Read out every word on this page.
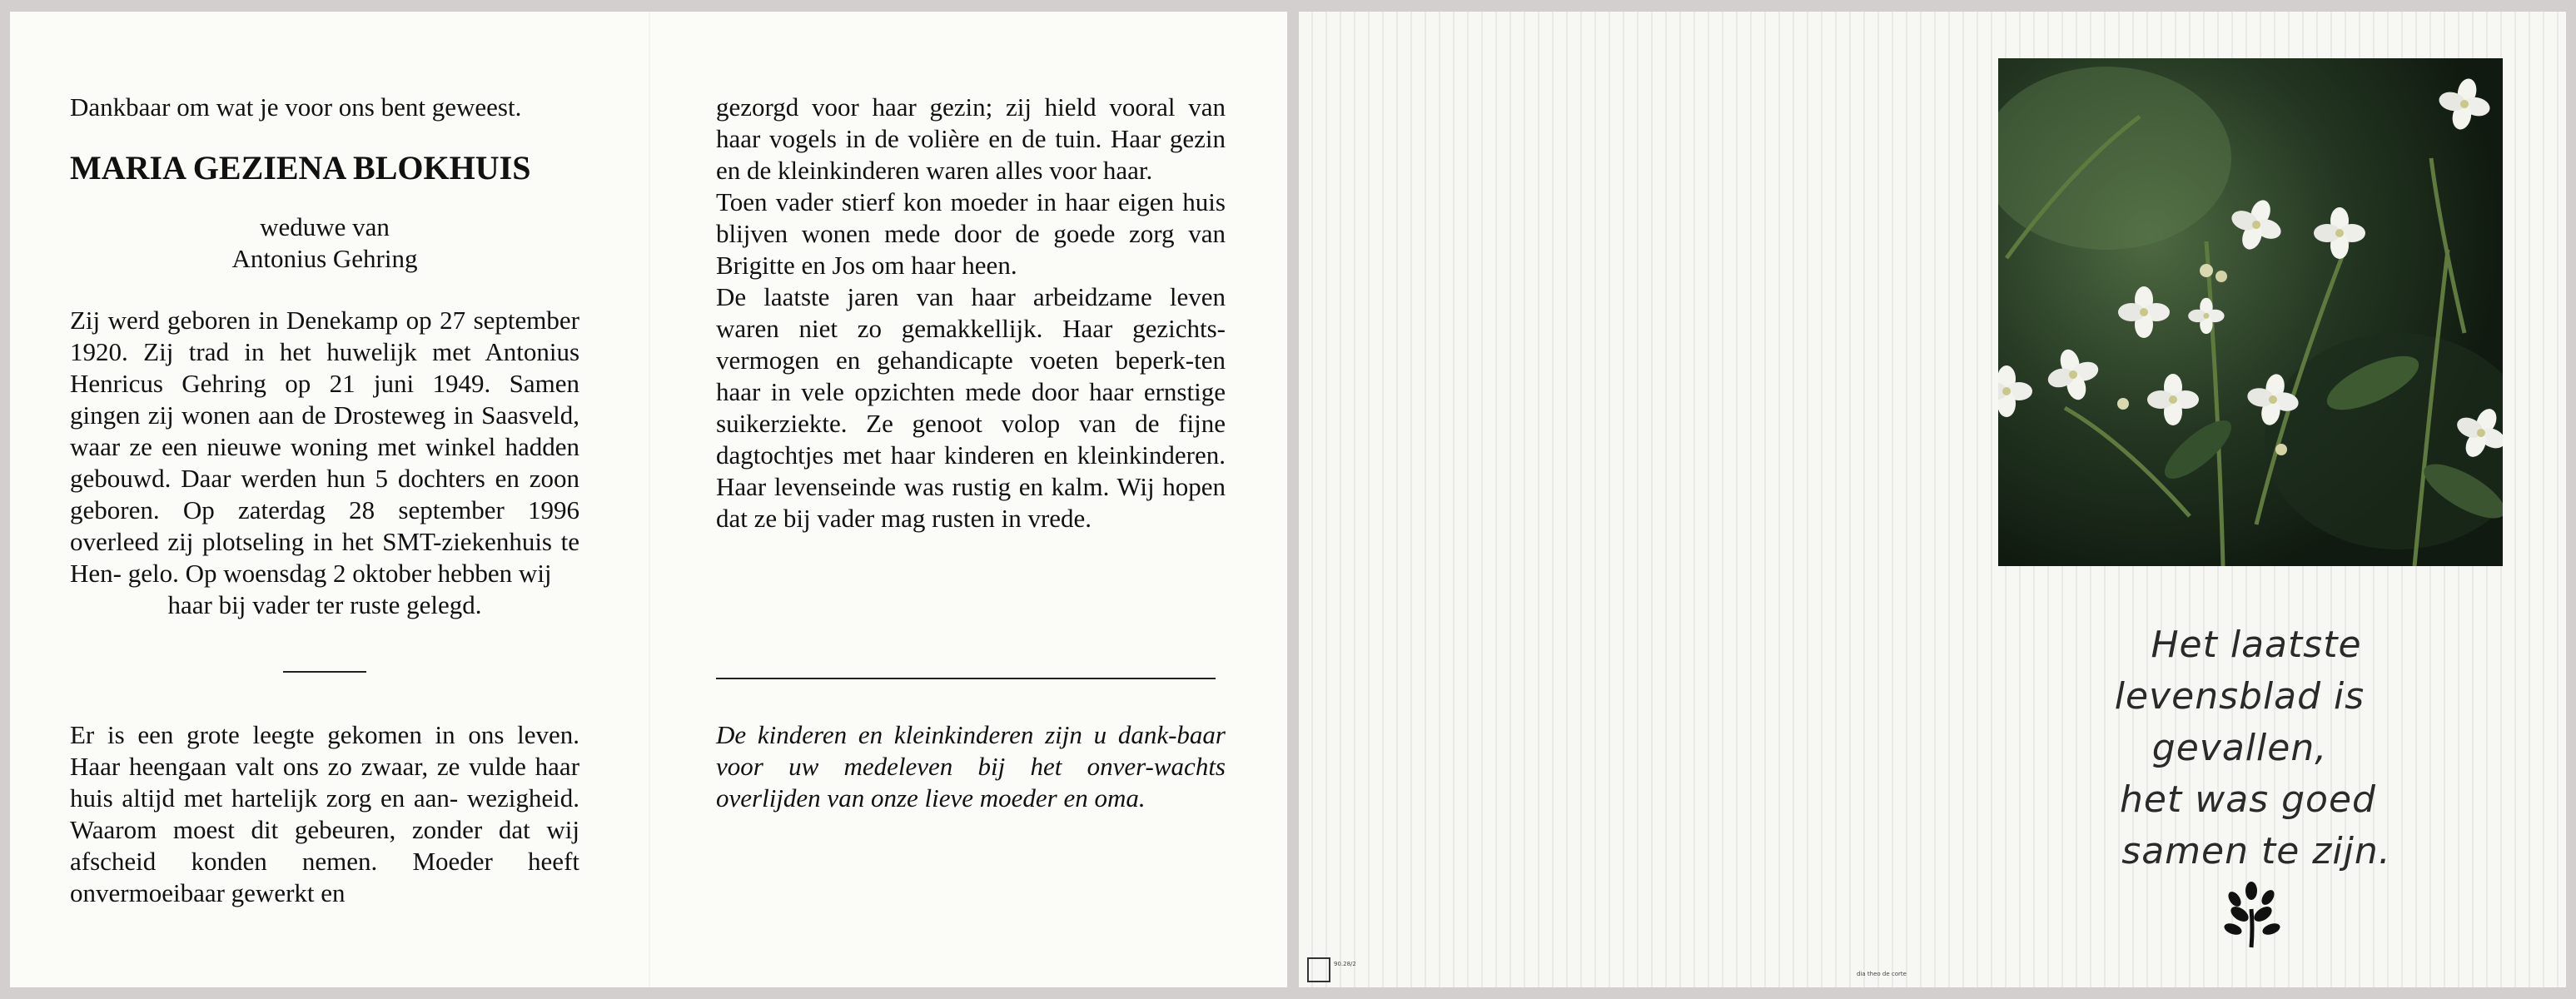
Dankbaar om wat je voor ons bent geweest.
MARIA GEZIENA BLOKHUIS
weduwe van
Antonius Gehring

Zij werd geboren in Denekamp op 27 september 1920. Zij trad in het huwelijk met Antonius Henricus Gehring op 21 juni 1949. Samen gingen zij wonen aan de Drosteweg in Saasveld, waar ze een nieuwe woning met winkel hadden gebouwd. Daar werden hun 5 dochters en zoon geboren. Op zaterdag 28 september 1996 overleed zij plotseling in het SMT-ziekenhuis te Hen- gelo. Op woensdag 2 oktober hebben wij

haar bij vader ter ruste gelegd.

Er is een grote leegte gekomen in ons leven. Haar heengaan valt ons zo zwaar, ze vulde haar huis altijd met hartelijk zorg en aan- wezigheid. Waarom moest dit gebeuren, zonder dat wij afscheid konden nemen. Moeder heeft onvermoeibaar gewerkt en

gezorgd voor haar gezin; zij hield vooral van haar vogels in de volière en de tuin. Haar gezin en de kleinkinderen waren alles voor haar.

Toen vader stierf kon moeder in haar eigen huis blijven wonen mede door de goede zorg van Brigitte en Jos om haar heen.

De laatste jaren van haar arbeidzame leven waren niet zo gemakkellijk. Haar gezichts-vermogen en gehandicapte voeten beperk-ten haar in vele opzichten mede door haar ernstige suikerziekte. Ze genoot volop van de fijne dagtochtjes met haar kinderen en kleinkinderen. Haar levenseinde was rustig en kalm. Wij hopen dat ze bij vader mag rusten in vrede.

De kinderen en kleinkinderen zijn u dank-baar voor uw medeleven bij het onver-wachts overlijden van onze lieve moeder en oma.

Het laatste
levensblad is gevallen,
het was goed
samen te zijn.
90.28/2
dia theo de corte
